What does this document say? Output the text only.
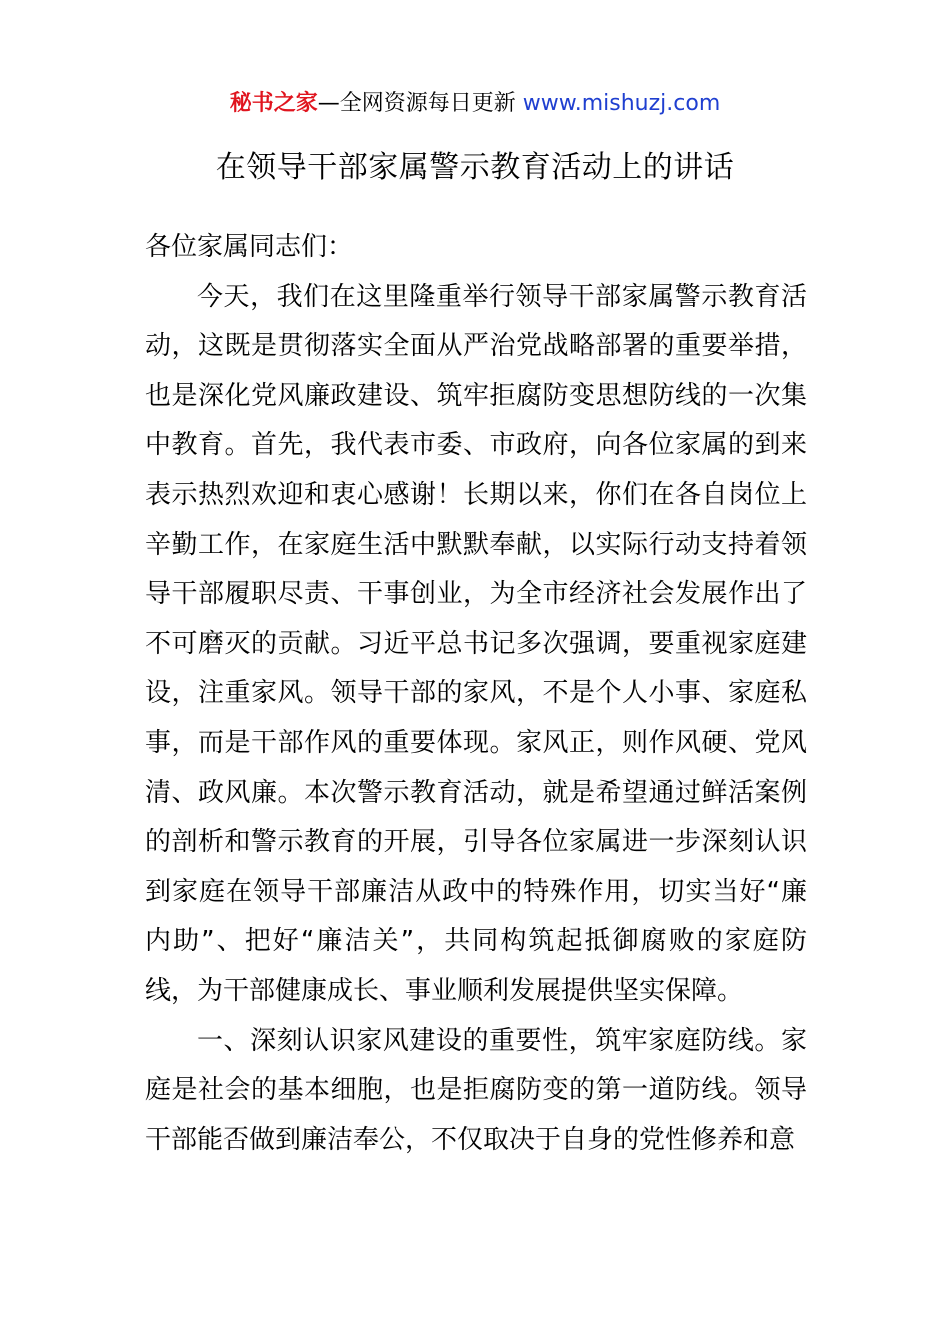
秘书之家—全网资源每日更新 www.mishuzj.com
在领导干部家属警示教育活动上的讲话

各位家属同志们：

今天，我们在这里隆重举行领导干部家属警示教育活动，这既是贯彻落实全面从严治党战略部署的重要举措，也是深化党风廉政建设、筑牢拒腐防变思想防线的一次集中教育。首先，我代表市委、市政府，向各位家属的到来表示热烈欢迎和衷心感谢！长期以来，你们在各自岗位上辛勤工作，在家庭生活中默默奉献，以实际行动支持着领导干部履职尽责、干事创业，为全市经济社会发展作出了不可磨灭的贡献。习近平总书记多次强调，要重视家庭建设，注重家风。领导干部的家风，不是个人小事、家庭私事，而是干部作风的重要体现。家风正，则作风硬、党风清、政风廉。本次警示教育活动，就是希望通过鲜活案例的剖析和警示教育的开展，引导各位家属进一步深刻认识到家庭在领导干部廉洁从政中的特殊作用，切实当好“廉内助”、把好“廉洁关”，共同构筑起抵御腐败的家庭防线，为干部健康成长、事业顺利发展提供坚实保障。

一、深刻认识家风建设的重要性，筑牢家庭防线。家庭是社会的基本细胞，也是拒腐防变的第一道防线。领导干部能否做到廉洁奉公，不仅取决于自身的党性修养和意
